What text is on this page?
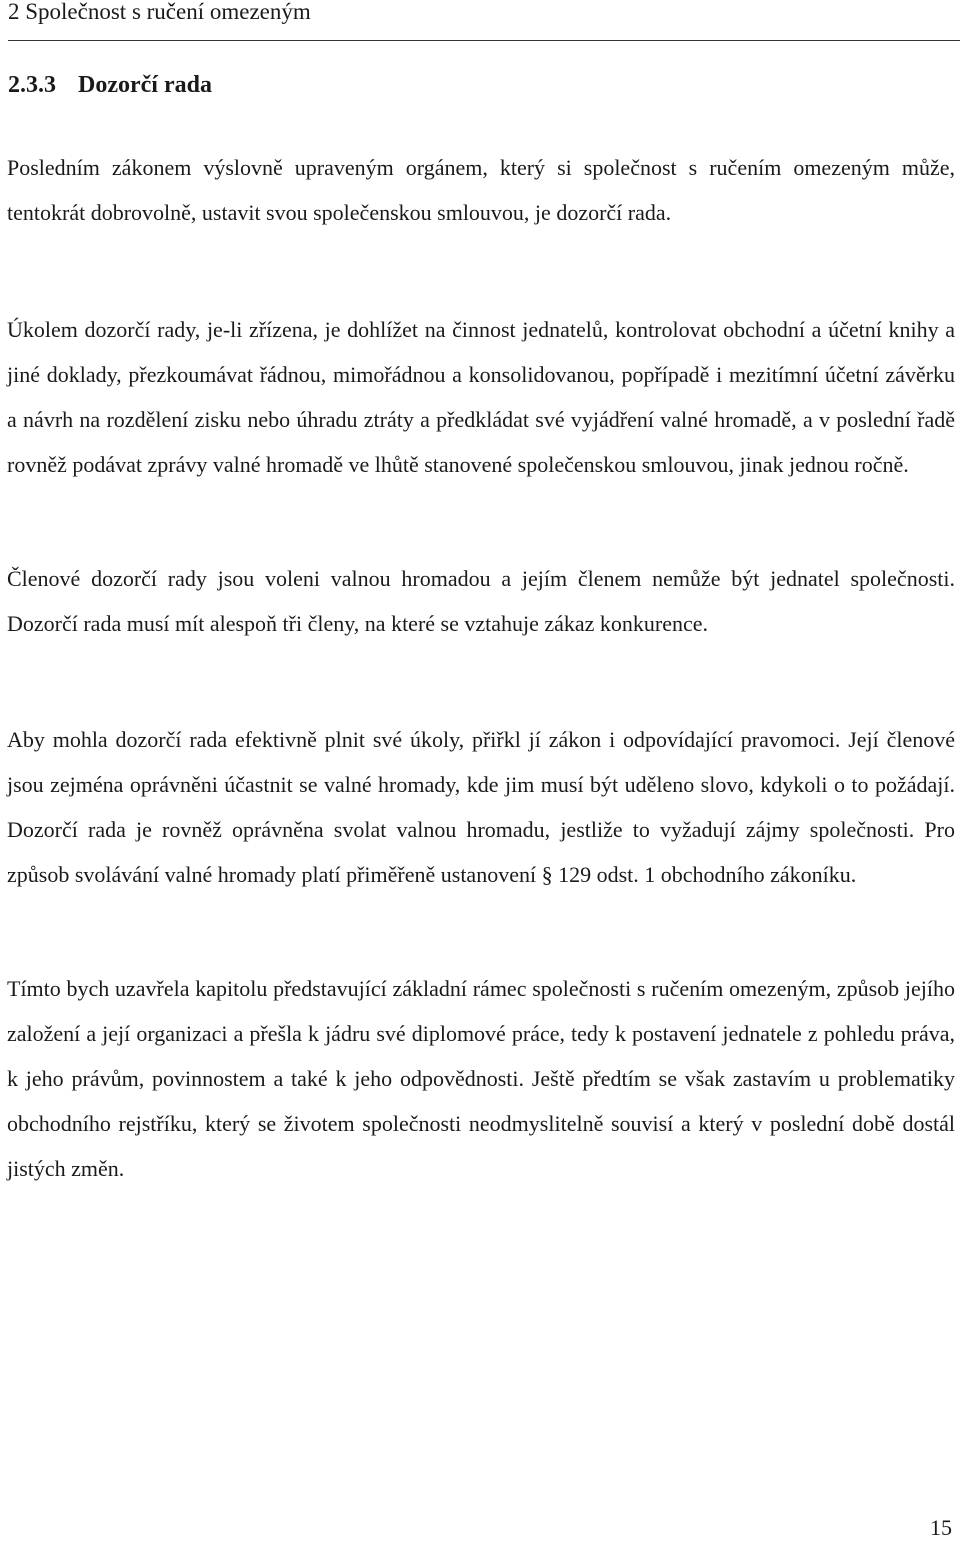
2 Společnost s ručení omezeným
2.3.3 Dozorčí rada

Posledním zákonem výslovně upraveným orgánem, který si společnost s ručením omezeným může, tentokrát dobrovolně, ustavit svou společenskou smlouvou, je dozorčí rada.

Úkolem dozorčí rady, je-li zřízena, je dohlížet na činnost jednatelů, kontrolovat obchodní a účetní knihy a jiné doklady, přezkoumávat řádnou, mimořádnou a konsolidovanou, popřípadě i mezitímní účetní závěrku a návrh na rozdělení zisku nebo úhradu ztráty a předkládat své vyjádření valné hromadě, a v poslední řadě rovněž podávat zprávy valné hromadě ve lhůtě stanovené společenskou smlouvou, jinak jednou ročně.

Členové dozorčí rady jsou voleni valnou hromadou a jejím členem nemůže být jednatel společnosti. Dozorčí rada musí mít alespoň tři členy, na které se vztahuje zákaz konkurence.

Aby mohla dozorčí rada efektivně plnit své úkoly, přiřkl jí zákon i odpovídající pravomoci. Její členové jsou zejména oprávněni účastnit se valné hromady, kde jim musí být uděleno slovo, kdykoli o to požádají. Dozorčí rada je rovněž oprávněna svolat valnou hromadu, jestliže to vyžadují zájmy společnosti. Pro způsob svolávání valné hromady platí přiměřeně ustanovení § 129 odst. 1 obchodního zákoníku.

Tímto bych uzavřela kapitolu představující základní rámec společnosti s ručením omezeným, způsob jejího založení a její organizaci a přešla k jádru své diplomové práce, tedy k postavení jednatele z pohledu práva, k jeho právům, povinnostem a také k jeho odpovědnosti. Ještě předtím se však zastavím u problematiky obchodního rejstříku, který se životem společnosti neodmyslitelně souvisí a který v poslední době dostál jistých změn.

15
